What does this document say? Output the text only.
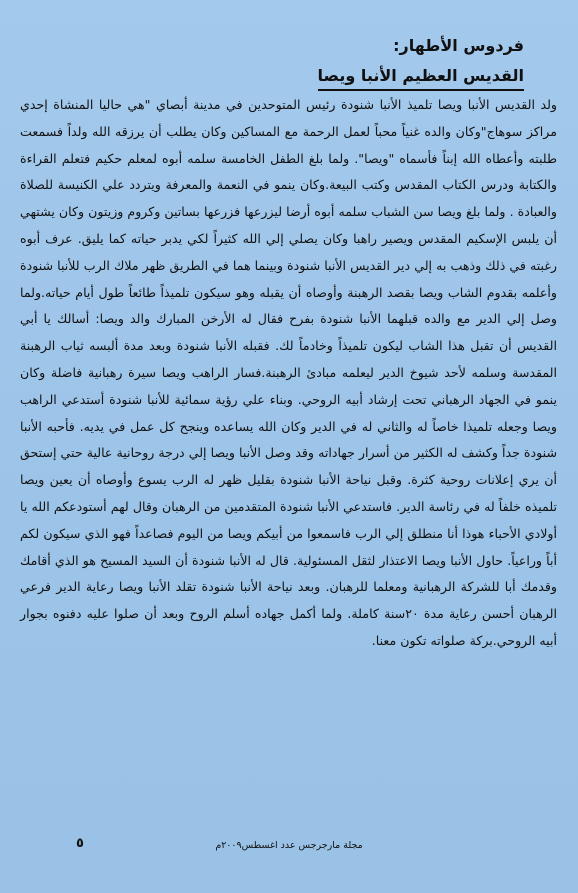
فردوس الأطهار:
القديس العظيم الأنبا ويصا

ولد القديس الأنبا ويصا تلميذ الأنبا شنودة رئيس المتوحدين في مدينة أبصاي "هي حاليا المنشاة إحدي مراكز سوهاج"وكان والده غنياً محباً لعمل الرحمة مع المساكين وكان يطلب أن يرزقه الله ولداً فسمعت طلبته وأعطاه الله إبناً فأسماه "ويصا". ولما بلغ الطفل الخامسة سلمه أبوه لمعلم حكيم فتعلم القراءة والكتابة ودرس الكتاب المقدس وكتب البيعة.وكان ينمو في النعمة والمعرفة ويتردد علي الكنيسة للصلاة والعبادة . ولما بلغ ويصا سن الشباب سلمه أبوه أرضا ليزرعها فزرعها بساتين وكروم وزيتون وكان يشتهي أن يلبس الإسكيم المقدس ويصير راهبا وكان يصلي إلي الله كثيراً لكي يدبر حياته كما يليق. عرف أبوه رغبته في ذلك وذهب به إلي دير القديس الأنبا شنودة وبينما هما في الطريق ظهر ملاك الرب للأنبا شنودة وأعلمه بقدوم الشاب ويصا بقصد الرهبنة وأوصاه أن يقبله وهو سيكون تلميذاً طائعاً طول أيام حياته.ولما وصل إلي الدير مع والده قبلهما الأنبا شنودة بفرح فقال له الأرخن المبارك والد ويصا: أسالك يا أبي القديس أن تقبل هذا الشاب ليكون تلميذاً وخادماً لك. فقبله الأنبا شنودة وبعد مدة ألبسه ثياب الرهبنة المقدسة وسلمه لأحد شيوخ الدير ليعلمه مبادئ الرهبنة.فسار الراهب ويصا سيرة رهبانية فاضلة وكان ينمو في الجهاد الرهباني تحت إرشاد أبيه الروحي. وبناء علي رؤية سمائية للأنبا شنودة أستدعي الراهب ويصا وجعله تلميذا خاصاً له والثاني له في الدير وكان الله يساعده وينجح كل عمل في يديه. فأحبه الأنبا شنودة جداً وكشف له الكثير من أسرار جهاداته وقد وصل الأنبا ويصا إلي درجة روحانية عالية حتي إستحق أن يري إعلانات روحية كثرة. وقبل نياحة الأنبا شنودة بقليل ظهر له الرب يسوع وأوصاه أن يعين ويصا تلميذه خلفاً له في رئاسة الدير. فاستدعي الأنبا شنودة المتقدمين من الرهبان وقال لهم أستودعكم الله يا أولادي الأحباء هوذا أنا منطلق إلي الرب فاسمعوا من أبيكم ويصا من اليوم فصاعداً فهو الذي سيكون لكم أباً وراعياً. حاول الأنبا ويصا الاعتذار لثقل المسئولية. قال له الأنبا شنودة أن السيد المسيح هو الذي أقامك وقدمك أبا للشركة الرهبانية ومعلما للرهبان. وبعد نياحة الأنبا شنودة تقلد الأنبا ويصا رعاية الدير فرعي الرهبان أحسن رعاية مدة ٢٠سنة كاملة. ولما أكمل جهاده أسلم الروح وبعد أن صلوا عليه دفنوه بجوار أبيه الروحي.بركة صلواته تكون معنا.

مجلة مارجرجس عدد اغسطس٢٠٠٩م
٥
